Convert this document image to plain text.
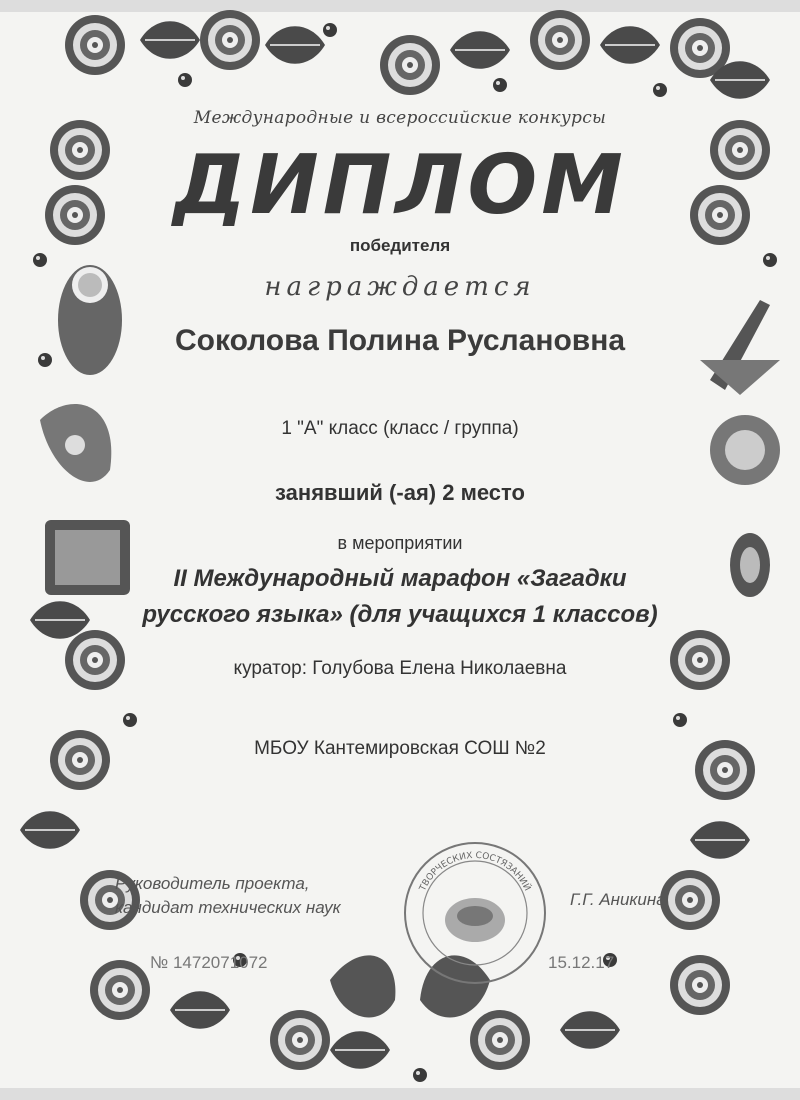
Международные и всероссийские конкурсы

ДИПЛОМ

победителя

награждается

Соколова Полина Руслановна

1 "А" класс (класс / группа)

занявший (-ая) 2 место

в мероприятии

II Международный марафон «Загадки
русского языка» (для учащихся 1 классов)

куратор: Голубова Елена Николаевна

МБОУ Кантемировская СОШ №2

Руководитель проекта,
кандидат технических наук	Г.Г. Аникина
№ 1472071072	15.12.17
ТВОРЧЕСКИХ СОСТЯЗАНИЙ
